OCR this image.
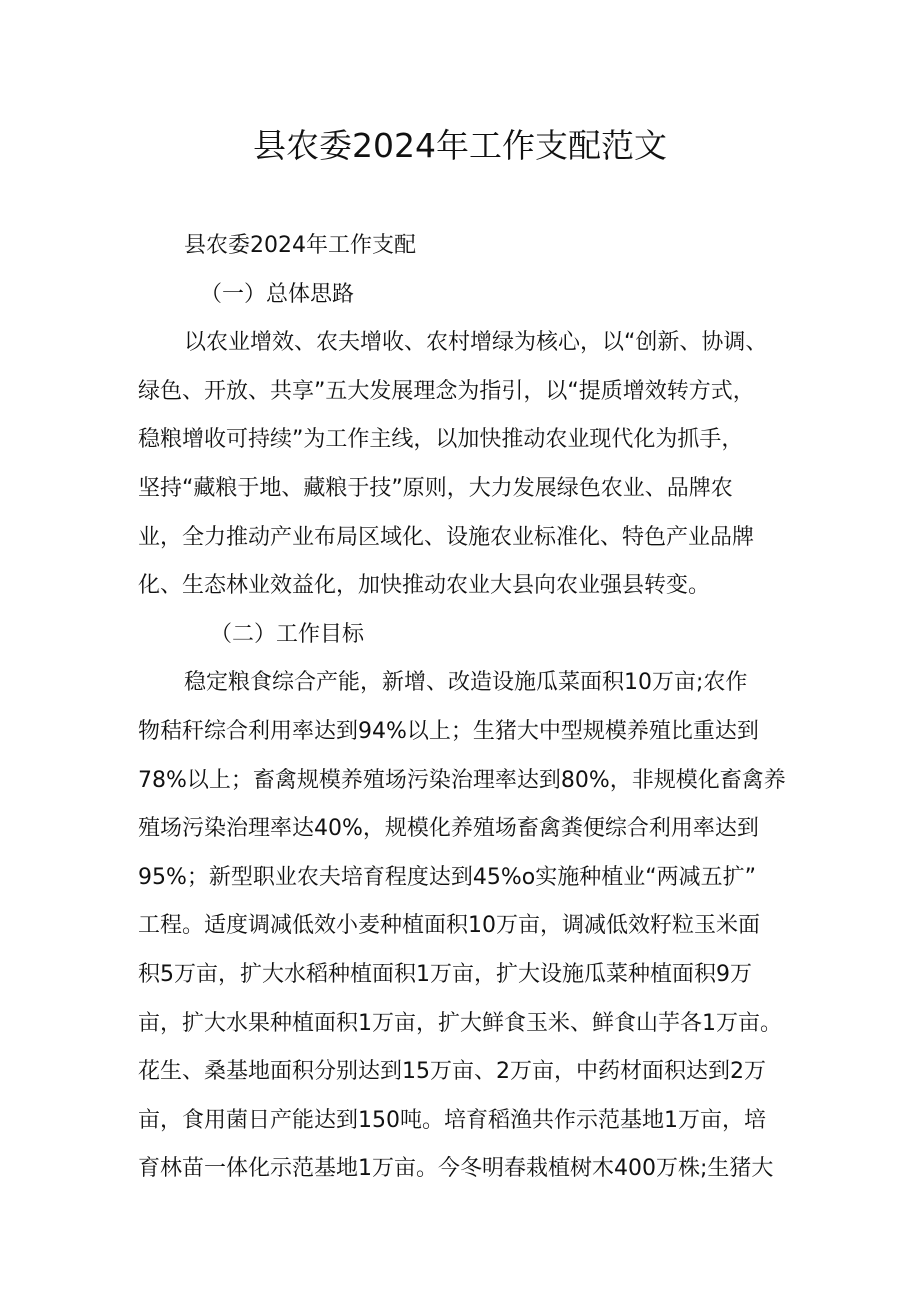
县农委2024年工作支配范文
县农委2024年工作支配
（一）总体思路
以农业增效、农夫增收、农村增绿为核心，以“创新、协调、
绿色、开放、共享”五大发展理念为指引，以“提质增效转方式，
稳粮增收可持续”为工作主线，以加快推动农业现代化为抓手，
坚持“藏粮于地、藏粮于技”原则，大力发展绿色农业、品牌农
业，全力推动产业布局区域化、设施农业标准化、特色产业品牌
化、生态林业效益化，加快推动农业大县向农业强县转变。
（二）工作目标
稳定粮食综合产能，新增、改造设施瓜菜面积10万亩;农作
物秸秆综合利用率达到94%以上；生猪大中型规模养殖比重达到
78%以上；畜禽规模养殖场污染治理率达到80%，非规模化畜禽养
殖场污染治理率达40%，规模化养殖场畜禽粪便综合利用率达到
95%；新型职业农夫培育程度达到45%o实施种植业“两减五扩”
工程。适度调减低效小麦种植面积10万亩，调减低效籽粒玉米面
积5万亩，扩大水稻种植面积1万亩，扩大设施瓜菜种植面积9万
亩，扩大水果种植面积1万亩，扩大鲜食玉米、鲜食山芋各1万亩。
花生、桑基地面积分别达到15万亩、2万亩，中药材面积达到2万
亩，食用菌日产能达到150吨。培育稻渔共作示范基地1万亩，培
育林苗一体化示范基地1万亩。今冬明春栽植树木400万株;生猪大
